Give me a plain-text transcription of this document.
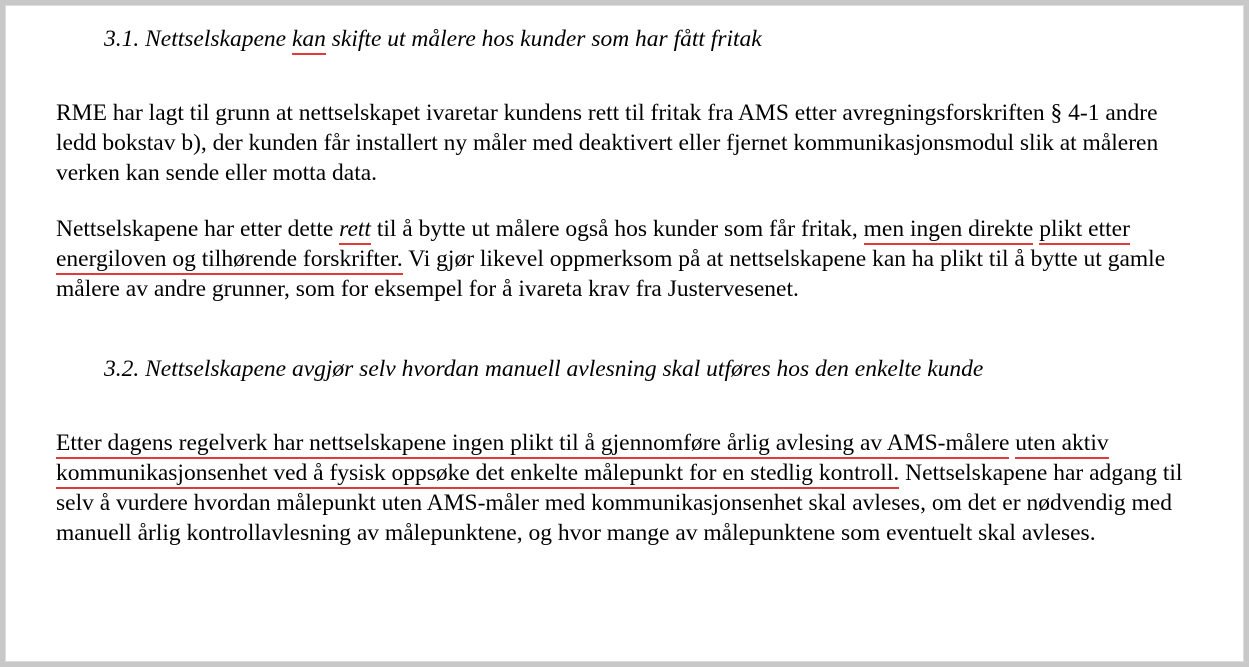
3.1. Nettselskapene kan skifte ut målere hos kunder som har fått fritak

RME har lagt til grunn at nettselskapet ivaretar kundens rett til fritak fra AMS etter avregningsforskriften § 4-1 andre ledd bokstav b), der kunden får installert ny måler med deaktivert eller fjernet kommunikasjonsmodul slik at måleren verken kan sende eller motta data.

Nettselskapene har etter dette rett til å bytte ut målere også hos kunder som får fritak, men ingen direkte plikt etter energiloven og tilhørende forskrifter. Vi gjør likevel oppmerksom på at nettselskapene kan ha plikt til å bytte ut gamle målere av andre grunner, som for eksempel for å ivareta krav fra Justervesenet.

3.2. Nettselskapene avgjør selv hvordan manuell avlesning skal utføres hos den enkelte kunde

Etter dagens regelverk har nettselskapene ingen plikt til å gjennomføre årlig avlesing av AMS-målere uten aktiv kommunikasjonsenhet ved å fysisk oppsøke det enkelte målepunkt for en stedlig kontroll. Nettselskapene har adgang til selv å vurdere hvordan målepunkt uten AMS-måler med kommunikasjonsenhet skal avleses, om det er nødvendig med manuell årlig kontrollavlesning av målepunktene, og hvor mange av målepunktene som eventuelt skal avleses.
